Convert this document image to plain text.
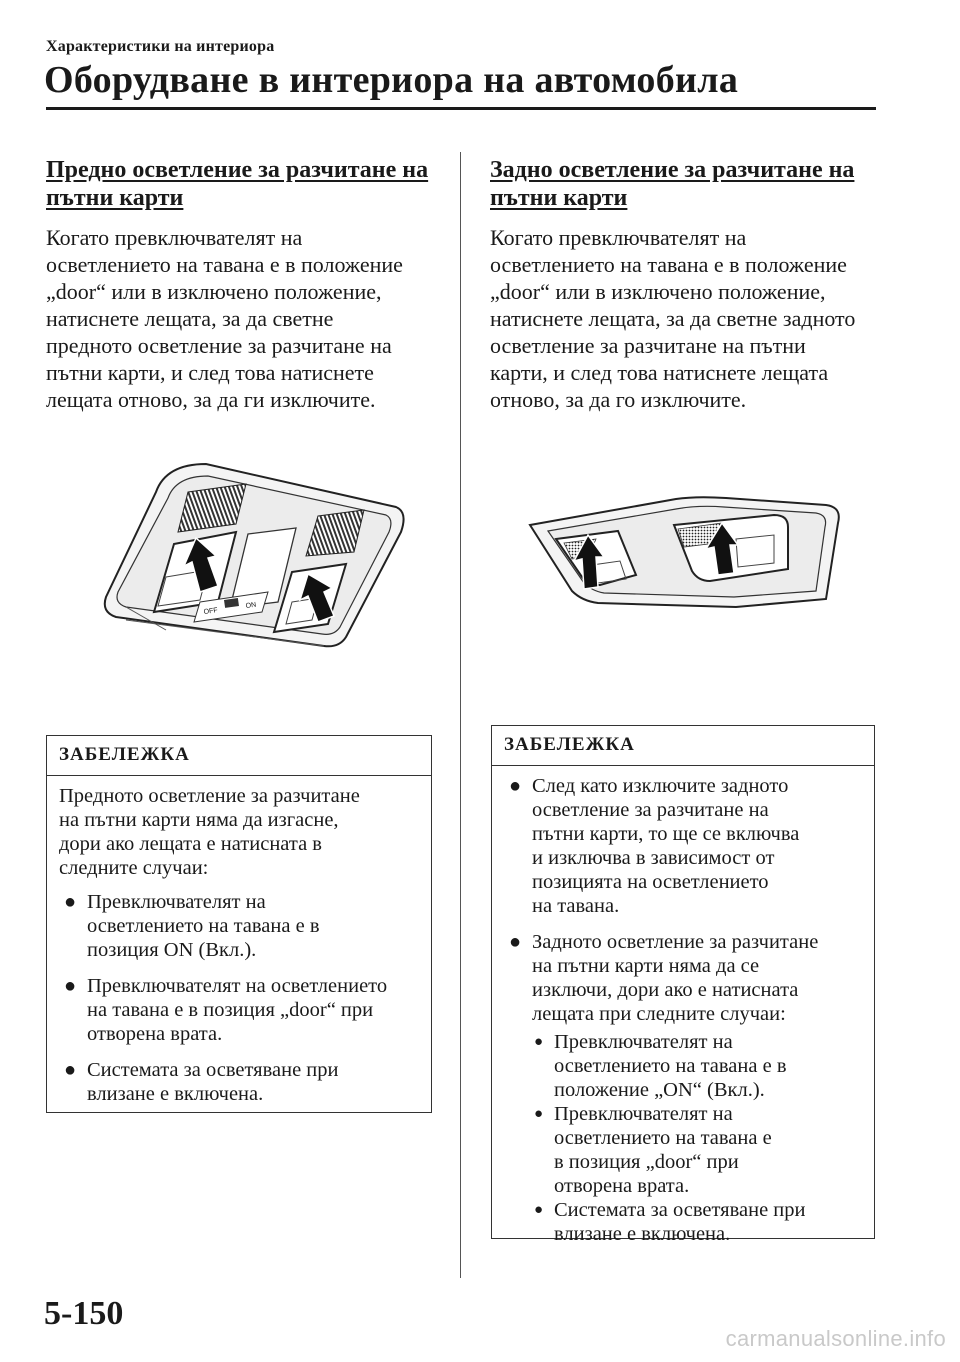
Характеристики на интериора
Оборудване в интериора на автомобила
Предно осветление за разчитане на
пътни карти
Когато превключвателят на
осветлението на тавана е в положение
„door“ или в изключено положение,
натиснете лещата, за да светне
предното осветление за разчитане на
пътни карти, и след това натиснете
лещата отново, за да ги изключите.
OFF
ON
ЗАБЕЛЕЖКА

Предното осветление за разчитане
на пътни карти няма да изгасне,
дори ако лещата е натисната в
следните случаи:

● Превключвателят на
осветлението на тавана е в
позиция ON (Вкл.).
● Превключвателят на осветлението
на тавана е в позиция „door“ при
отворена врата.
● Системата за осветяване при
влизане е включена.
Задно осветление за разчитане на
пътни карти
Когато превключвателят на
осветлението на тавана е в положение
„door“ или в изключено положение,
натиснете лещата, за да светне задното
осветление за разчитане на пътни
карти, и след това натиснете лещата
отново, за да го изключите.
ЗАБЕЛЕЖКА
● След като изключите задното
осветление за разчитане на
пътни карти, то ще се включва
и изключва в зависимост от
позицията на осветлението
на тавана.
● Задното осветление за разчитане
на пътни карти няма да се
изключи, дори ако е натисната
лещата при следните случаи:
● Превключвателят на
осветлението на тавана е в
положение „ON“ (Вкл.).
● Превключвателят на
осветлението на тавана е
в позиция „door“ при
отворена врата.
● Системата за осветяване при
влизане е включена.
5-150
carmanualsonline.info
